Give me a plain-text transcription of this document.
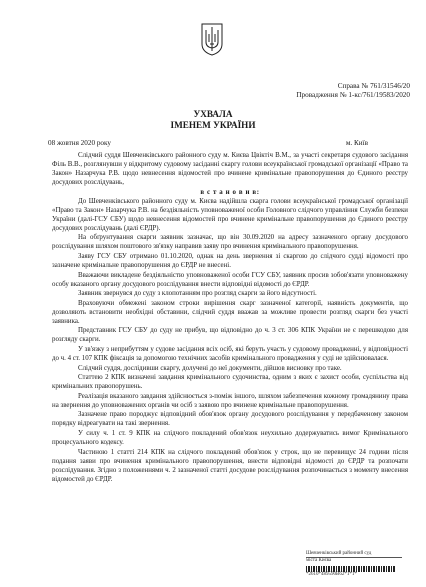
Справа № 761/31546/20
Провадження № 1-кс/761/19583/2020
УХВАЛА
ІМЕНЕМ УКРАЇНИ
08 жовтня 2020 року	м. Київ

Слідчий суддя Шевченківського районного суду м. Києва Цвіктіч В.М., за участі секретаря судового засідання Філь В.В., розглянувши у відкритому судовому засіданні скаргу голови всеукраїнської громадської організації «Право та Закон» Назарчука Р.В. щодо невнесення відомостей про вчинене кримінальне правопорушення до Єдиного реєстру досудових розслідувань,

в с т а н о в и в:

До Шевченківського районного суду м. Києва надійшла скарга голови всеукраїнської громадської організації «Право та Закон» Назарчука Р.В. на бездіяльність уповноваженої особи Головного слідчого управління Служби безпеки України (далі-ГСУ СБУ) щодо невнесення відомостей про вчинене кримінальне правопорушення до Єдиного реєстру досудових розслідувань (далі ЄРДР).

На обґрунтування скарги заявник зазначає, що він 30.09.2020 на адресу зазначеного органу досудового розслідування шляхом поштового зв'язку направив заяву про вчинення кримінального правопорушення.

Заяву ГСУ СБУ отримано 01.10.2020, однак на день звернення зі скаргою до слідчого судді відомості про зазначене кримінальне правопорушення до ЄРДР не внесені.

Вважаючи викладене бездіяльністю уповноваженої особи ГСУ СБУ, заявник просив зобов'язати уповноважену особу вказаного органу досудового розслідування внести відповідні відомості до ЄРДР.

Заявник звернувся до суду з клопотанням про розгляд скарги за його відсутності.

Враховуючи обмежені законом строки вирішення скарг зазначеної категорії, наявність документів, що дозволяють встановити необхідні обставини, слідчий суддя вважав за можливе провести розгляд скарги без участі заявника.

Представник ГСУ СБУ до суду не прибув, що відповідно до ч. 3 ст. 306 КПК України не є перешкодою для розгляду скарги.

У зв'язку з неприбуттям у судове засідання всіх осіб, які беруть участь у судовому провадженні, у відповідності до ч. 4 ст. 107 КПК фіксація за допомогою технічних засобів кримінального провадження у суді не здійснювалася.

Слідчий суддя, дослідивши скаргу, долучені до неї документи, дійшов висновку про таке.

Статтею 2 КПК визначені завдання кримінального судочинства, одним з яких є захист особи, суспільства від кримінальних правопорушень.

Реалізація вказаного завдання здійснюється з-поміж іншого, шляхом забезпечення кожному громадянину права на звернення до уповноважених органів чи осіб з заявою про вчинене кримінальне правопорушення.

Зазначене право породжує відповідний обов'язок органу досудового розслідування у передбаченому законом порядку відреагувати на такі звернення.

У силу ч. 1 ст. 9 КПК на слідчого покладений обов'язок неухильно додержуватись вимог Кримінального процесуального кодексу.

Частиною 1 статті 214 КПК на слідчого покладений обов'язок у строк, що не перевищує 24 години після подання заяви про вчинення кримінального правопорушення, внести відповідні відомості до ЄРДР та розпочати розслідування. Згідно з положеннями ч. 2 зазначеної статті досудове розслідування розпочинається з моменту внесення відомостей до ЄРДР.

Шевченківський районний суд
міста Києва
*2610*489590B62*1*1*
